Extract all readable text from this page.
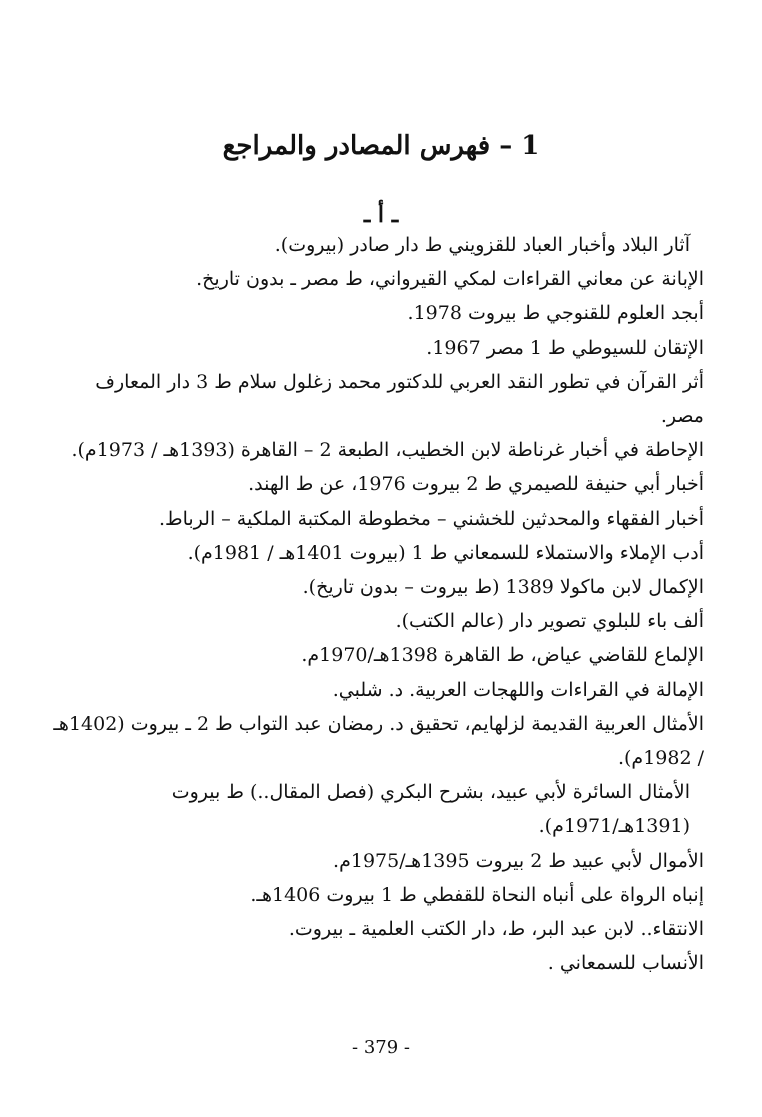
1 – فهرس المصادر والمراجع
ـ أ ـ
آثار البلاد وأخبار العباد للقزويني ط دار صادر (بيروت).
الإبانة عن معاني القراءات لمكي القيرواني، ط مصر ـ بدون تاريخ.
أبجد العلوم للقنوجي ط بيروت 1978.
الإتقان للسيوطي ط 1 مصر 1967.
أثر القرآن في تطور النقد العربي للدكتور محمد زغلول سلام ط 3 دار المعارف مصر.
الإحاطة في أخبار غرناطة لابن الخطيب، الطبعة 2 – القاهرة (1393هـ / 1973م).
أخبار أبي حنيفة للصيمري ط 2 بيروت 1976، عن ط الهند.
أخبار الفقهاء والمحدثين للخشني – مخطوطة المكتبة الملكية – الرباط.
أدب الإملاء والاستملاء للسمعاني ط 1 (بيروت 1401هـ / 1981م).
الإكمال لابن ماكولا 1389 (ط بيروت – بدون تاريخ).
ألف باء للبلوي تصوير دار (عالم الكتب).
الإلماع للقاضي عياض، ط القاهرة 1398هـ/1970م.
الإمالة في القراءات واللهجات العربية. د. شلبي.
الأمثال العربية القديمة لزلهايم، تحقيق د. رمضان عبد التواب ط 2 ـ بيروت (1402هـ / 1982م).
الأمثال السائرة لأبي عبيد، بشرح البكري (فصل المقال..) ط بيروت (1391هـ/1971م).
الأموال لأبي عبيد ط 2 بيروت 1395هـ/1975م.
إنباه الرواة على أنباه النحاة للقفطي ط 1 بيروت 1406هـ.
الانتقاء.. لابن عبد البر، ط، دار الكتب العلمية ـ بيروت.
الأنساب للسمعاني .
- 379 -
